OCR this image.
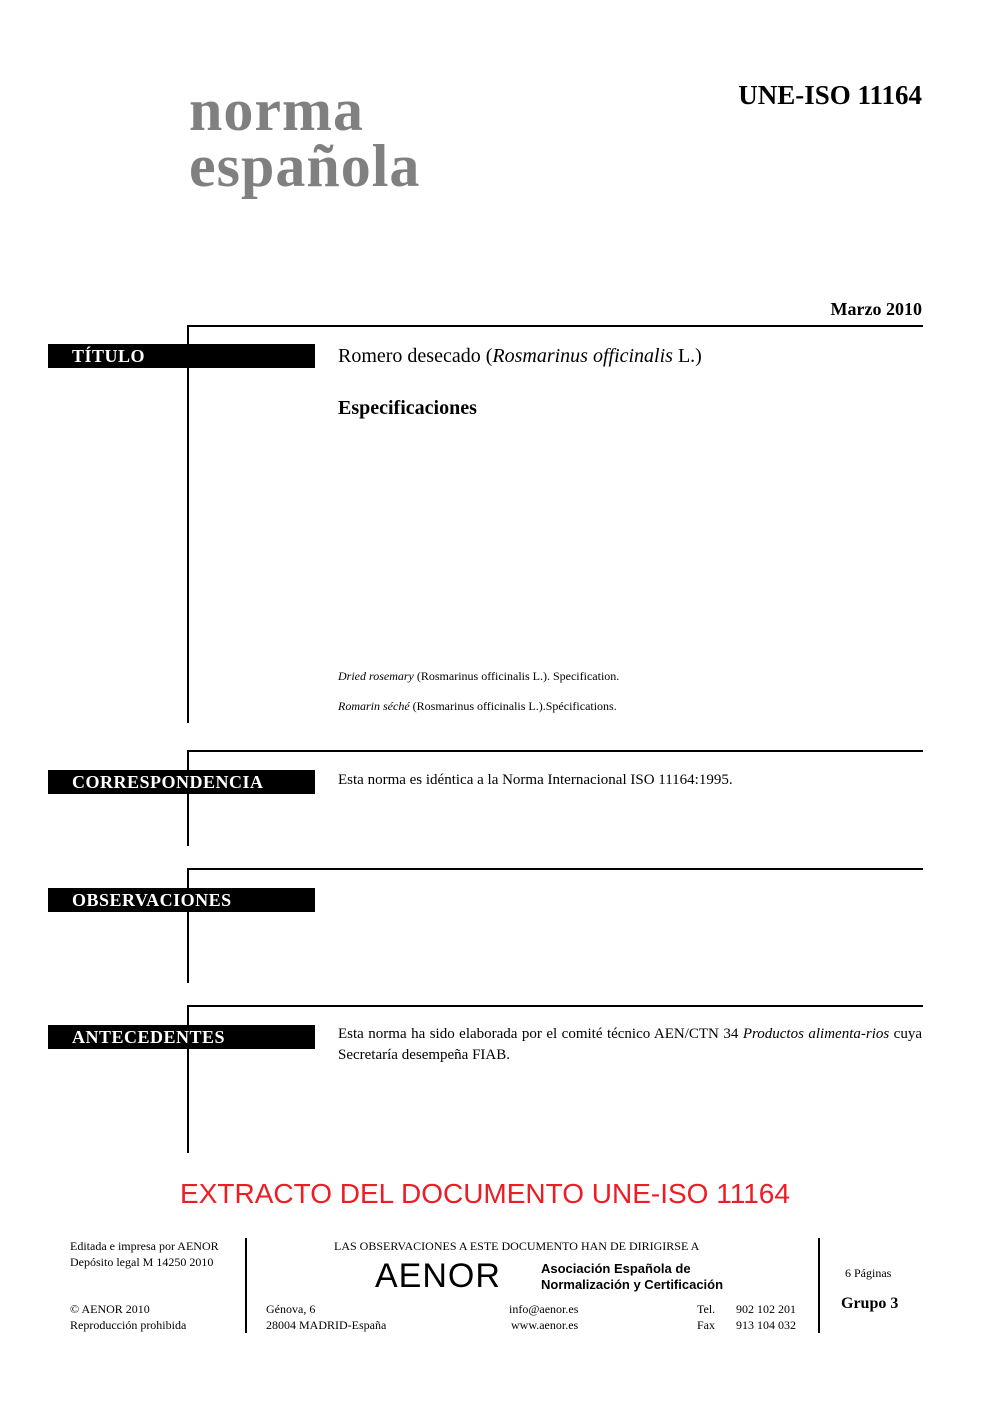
norma
española
UNE-ISO 11164
Marzo 2010
TÍTULO	Romero desecado (Rosmarinus officinalis L.)
Especificaciones
Dried rosemary (Rosmarinus officinalis L.). Specification.
Romarin séché (Rosmarinus officinalis L.).Spécifications.
CORRESPONDENCIA	Esta norma es idéntica a la Norma Internacional ISO 11164:1995.
OBSERVACIONES
ANTECEDENTES	Esta norma ha sido elaborada por el comité técnico AEN/CTN 34 Productos alimenta-rios cuya Secretaría desempeña FIAB.
EXTRACTO DEL DOCUMENTO UNE-ISO 11164
Editada e impresa por AENOR
Depósito legal M 14250 2010
© AENOR 2010
Reproducción prohibida
LAS OBSERVACIONES A ESTE DOCUMENTO HAN DE DIRIGIRSE A
AENOR	Asociación Española de
Normalización y Certificación
Génova, 6
28004 MADRID-España
info@aenor.es
www.aenor.es
Tel. 902 102 201
Fax 913 104 032
6 Páginas
Grupo 3
